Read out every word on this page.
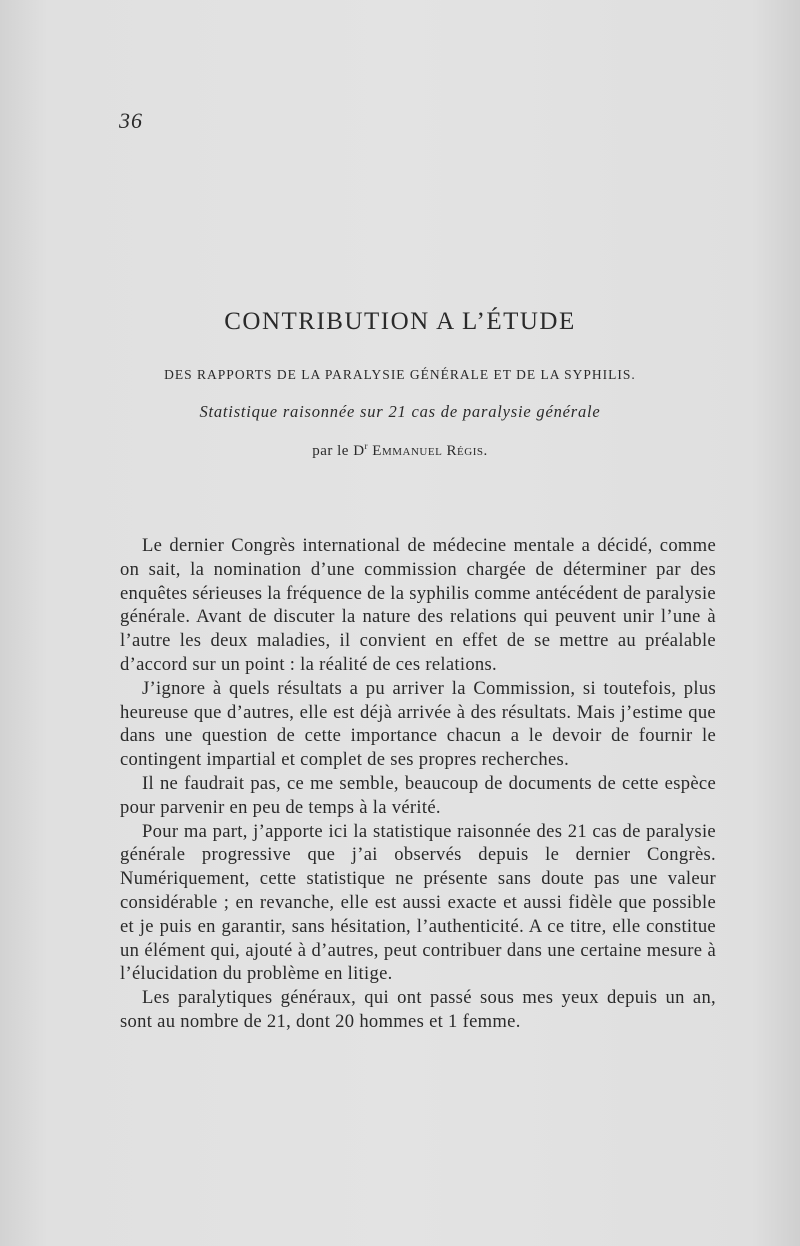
36
CONTRIBUTION A L’ÉTUDE
DES RAPPORTS DE LA PARALYSIE GÉNÉRALE ET DE LA SYPHILIS.
Statistique raisonnée sur 21 cas de paralysie générale
par le $D^r$ Emmanuel Régis.

Le dernier Congrès international de médecine mentale a décidé, comme on sait, la nomination d’une commission chargée de déterminer par des enquêtes sérieuses la fréquence de la syphilis comme antécédent de paralysie générale. Avant de discuter la nature des relations qui peuvent unir l’une à l’autre les deux maladies, il convient en effet de se mettre au préalable d’accord sur un point : la réalité de ces relations.

J’ignore à quels résultats a pu arriver la Commission, si toutefois, plus heureuse que d’autres, elle est déjà arrivée à des résultats. Mais j’estime que dans une question de cette importance chacun a le devoir de fournir le contingent impartial et complet de ses propres recherches.

Il ne faudrait pas, ce me semble, beaucoup de documents de cette espèce pour parvenir en peu de temps à la vérité.

Pour ma part, j’apporte ici la statistique raisonnée des 21 cas de paralysie générale progressive que j’ai observés depuis le dernier Congrès. Numériquement, cette statistique ne présente sans doute pas une valeur considérable ; en revanche, elle est aussi exacte et aussi fidèle que possible et je puis en garantir, sans hésitation, l’authenticité. A ce titre, elle constitue un élément qui, ajouté à d’autres, peut contribuer dans une certaine mesure à l’élucidation du problème en litige.

Les paralytiques généraux, qui ont passé sous mes yeux depuis un an, sont au nombre de 21, dont 20 hommes et 1 femme.
